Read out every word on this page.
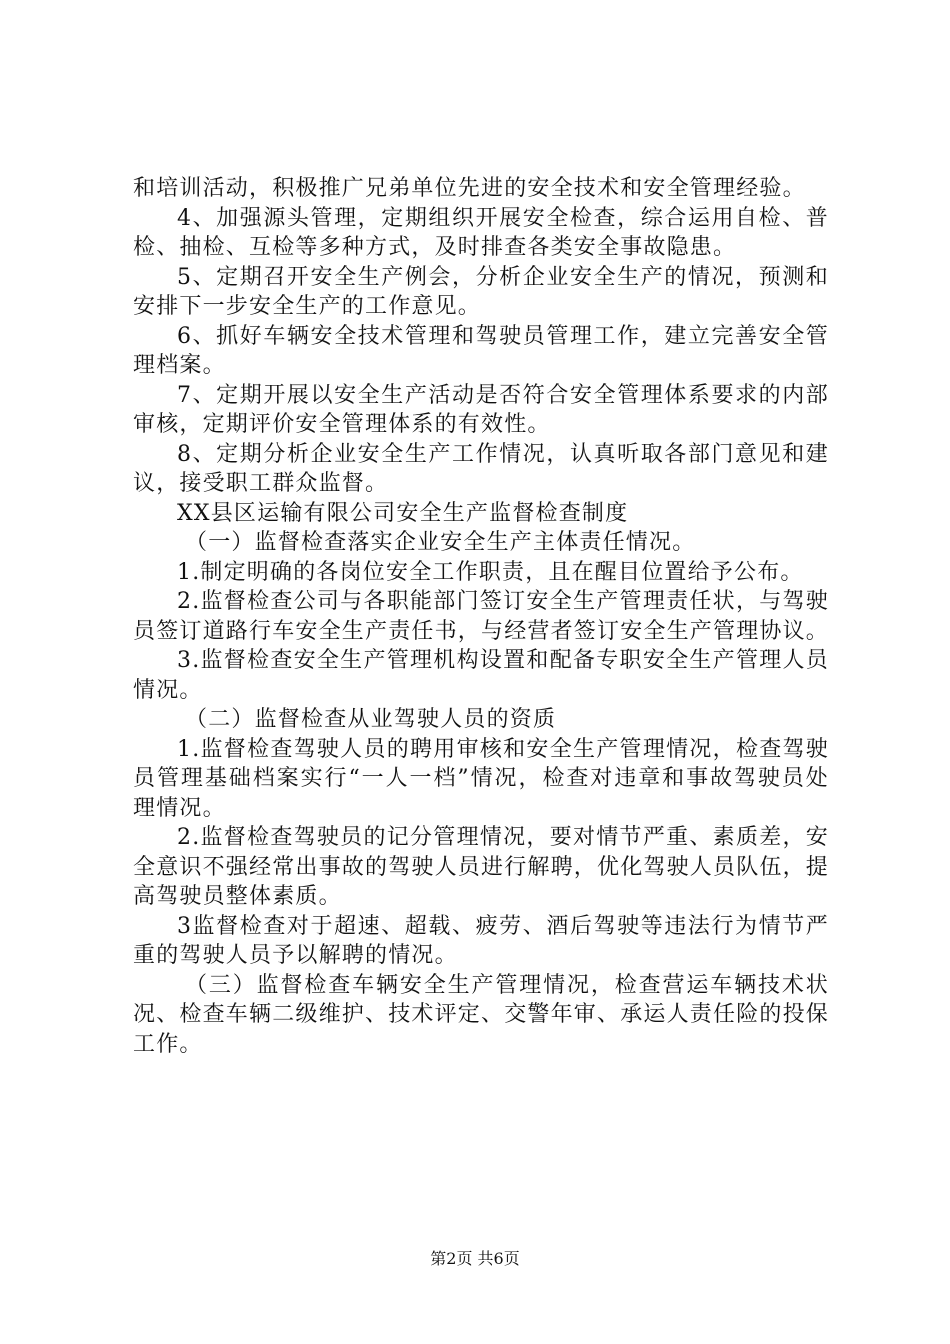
和培训活动，积极推广兄弟单位先进的安全技术和安全管理经验。

4、加强源头管理，定期组织开展安全检查，综合运用自检、普检、抽检、互检等多种方式，及时排查各类安全事故隐患。

5、定期召开安全生产例会，分析企业安全生产的情况，预测和安排下一步安全生产的工作意见。

6、抓好车辆安全技术管理和驾驶员管理工作，建立完善安全管理档案。

7、定期开展以安全生产活动是否符合安全管理体系要求的内部审核，定期评价安全管理体系的有效性。

8、定期分析企业安全生产工作情况，认真听取各部门意见和建议，接受职工群众监督。

XX县区运输有限公司安全生产监督检查制度

（一）监督检查落实企业安全生产主体责任情况。

1.制定明确的各岗位安全工作职责，且在醒目位置给予公布。

2.监督检查公司与各职能部门签订安全生产管理责任状，与驾驶员签订道路行车安全生产责任书，与经营者签订安全生产管理协议。

3.监督检查安全生产管理机构设置和配备专职安全生产管理人员情况。

（二）监督检查从业驾驶人员的资质

1.监督检查驾驶人员的聘用审核和安全生产管理情况，检查驾驶员管理基础档案实行“一人一档”情况，检查对违章和事故驾驶员处理情况。

2.监督检查驾驶员的记分管理情况，要对情节严重、素质差，安全意识不强经常出事故的驾驶人员进行解聘，优化驾驶人员队伍，提高驾驶员整体素质。

3监督检查对于超速、超载、疲劳、酒后驾驶等违法行为情节严重的驾驶人员予以解聘的情况。

（三）监督检查车辆安全生产管理情况，检查营运车辆技术状况、检查车辆二级维护、技术评定、交警年审、承运人责任险的投保工作。

第2页 共6页
